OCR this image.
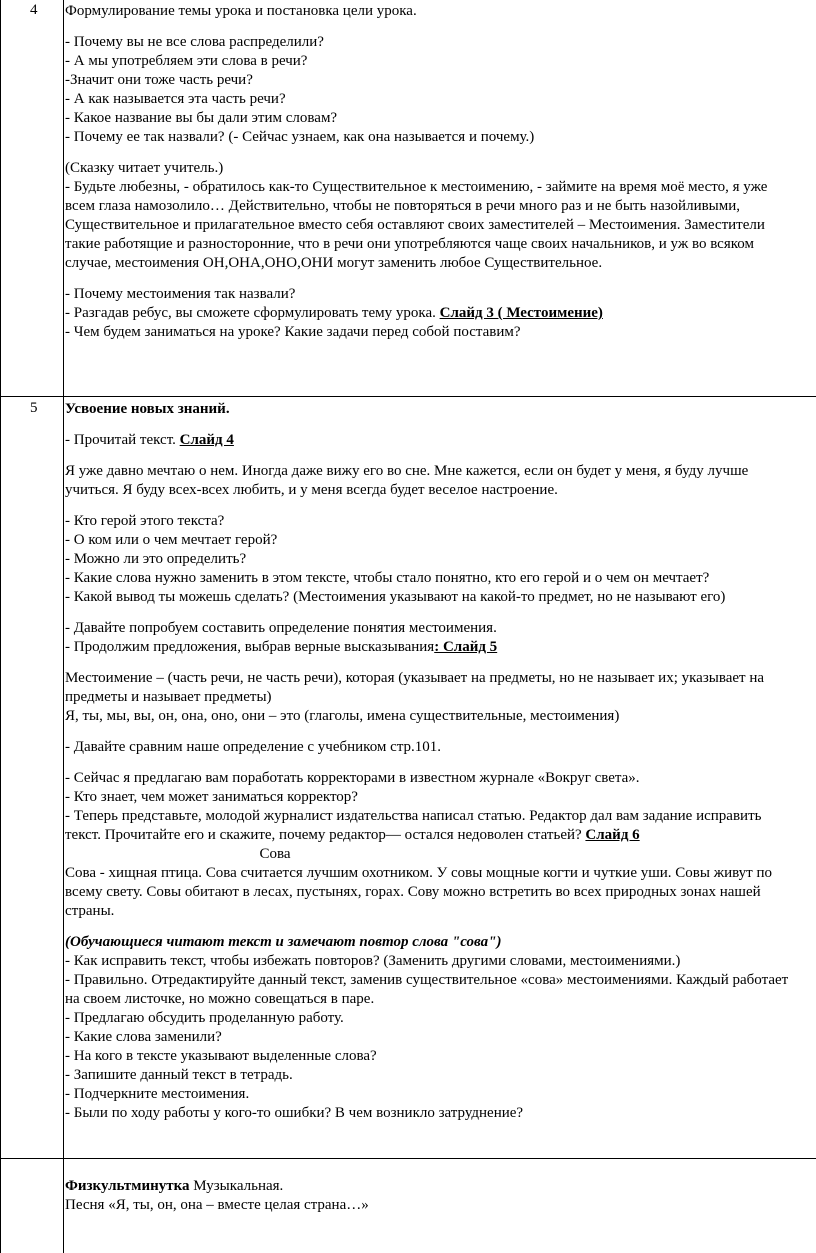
4 Формулирование темы урока и постановка цели урока.
- Почему вы не все слова распределили?
- А мы употребляем эти слова в речи?
-Значит они тоже часть речи?
- А как называется эта часть речи?
- Какое название вы бы дали этим словам?
- Почему ее так назвали? (- Сейчас узнаем, как она называется и почему.)
(Сказку читает учитель.)
- Будьте любезны, - обратилось как-то Существительное к местоимению, - займите на время моё место, я уже
всем глаза намозолило… Действительно, чтобы не повторяться в речи много раз и не быть назойливыми,
Существительное и прилагательное вместо себя оставляют своих заместителей – Местоимения. Заместители
такие работящие и разносторонние, что в речи они употребляются чаще своих начальников, и уж во всяком
случае, местоимения ОН,ОНА,ОНО,ОНИ могут заменить любое Существительное.
- Почему местоимения так назвали?
- Разгадав ребус, вы сможете сформулировать тему урока. Слайд 3 ( Местоимение)
- Чем будем заниматься на уроке? Какие задачи перед собой поставим?
5 Усвоение новых знаний.
- Прочитай текст. Слайд 4
Я уже давно мечтаю о нем. Иногда даже вижу его во сне. Мне кажется, если он будет у меня, я буду лучше
учиться. Я буду всех-всех любить, и у меня всегда будет веселое настроение.
- Кто герой этого текста?
- О ком или о чем мечтает герой?
- Можно ли это определить?
- Какие слова нужно заменить в этом тексте, чтобы стало понятно, кто его герой и о чем он мечтает?
- Какой вывод ты можешь сделать? (Местоимения указывают на какой-то предмет, но не называют его)
- Давайте попробуем составить определение понятия местоимения.
- Продолжим предложения, выбрав верные высказывания: Слайд 5
Местоимение – (часть речи, не часть речи), которая (указывает на предметы, но не называет их; указывает на
предметы и называет предметы)
Я, ты, мы, вы, он, она, оно, они – это (глаголы, имена существительные, местоимения)
- Давайте сравним наше определение с учебником стр.101.
- Сейчас я предлагаю вам поработать корректорами в известном журнале «Вокруг света».
- Кто знает, чем может заниматься корректор?
- Теперь представьте, молодой журналист издательства написал статью. Редактор дал вам задание исправить
текст. Прочитайте его и скажите, почему редактор— остался недоволен статьей? Слайд 6
Сова
Сова - хищная птица. Сова считается лучшим охотником. У совы мощные когти и чуткие уши. Совы живут по
всему свету. Совы обитают в лесах, пустынях, горах. Сову можно встретить во всех природных зонах нашей
страны.
(Обучающиеся читают текст и замечают повтор слова "сова")
- Как исправить текст, чтобы избежать повторов? (Заменить другими словами, местоимениями.)
- Правильно. Отредактируйте данный текст, заменив существительное «сова» местоимениями. Каждый работает
на своем листочке, но можно совещаться в паре.
- Предлагаю обсудить проделанную работу.
- Какие слова заменили?
- На кого в тексте указывают выделенные слова?
- Запишите данный текст в тетрадь.
- Подчеркните местоимения.
- Были по ходу работы у кого-то ошибки? В чем возникло затруднение?
Физкультминутка Музыкальная.
Песня «Я, ты, он, она – вместе целая страна…»
